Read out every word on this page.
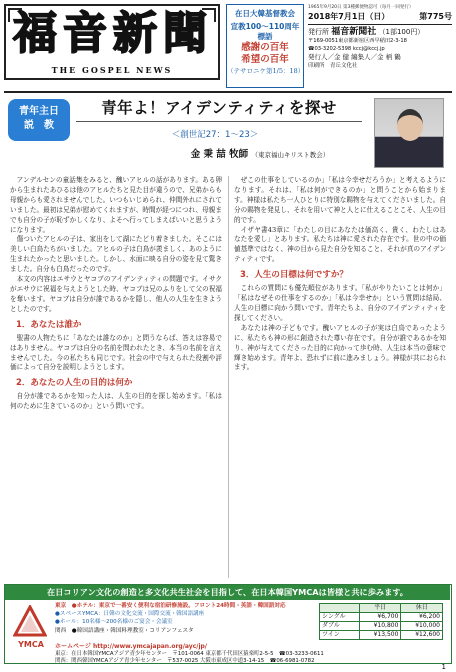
福 音 新 聞
THE GOSPEL NEWS
在日大韓基督教会
宣教100〜110周年
標語
感謝の百年
希望の百年
（テサロニケ第1/5：18）
1965年9月20日 第3種郵便物認可（毎月一回発行）
2018年7月1日（日）	第775号
発行所 福音新聞社 （1部100円）
〒169-0051東京都新宿区西早稲田2-3-18
☎03-3202-5398 kccj@kccj.jp
発行人／金 健 編集人／金 柄 鶴
印刷所　青丘文化社
青年主日
説　教
青年よ！アイデンティティを探せ
＜創世記27：1〜23＞
金 秉 喆 牧師 （東京福山キリスト教会）

アンデルセンの童話集をみると、醜いアヒルの話があります。ある卵から生まれたあひるは他のアヒルたちと見た目が違うので、兄弟からも母親からも愛されませんでした。いつもいじめられ、仲間外れにされていました。最初は兄弟が慰めてくれますが、時間が経つにつれ、母親までも自分の子が恥ずかしくなり、よそへ行ってしまえばいいと思うようになります。

傷ついたアヒルの子は、家出をして湖にたどり着きました。そこには美しい白鳥たちがいました。アヒルの子は白鳥が羨ましく、あのように生まれたかったと思いました。しかし、水面に映る自分の姿を見て驚きました。自分も白鳥だったのです。

本文の内容はエサウとヤコブのアイデンティティの問題です。イサクがエサウに祝福を与えようとした時、ヤコブは兄のふりをして父の祝福を奪います。ヤコブは自分が誰であるかを隠し、他人の人生を生きようとしたのです。

1．あなたは誰か

聖書の人物たちに「あなたは誰なのか」と問うならば、答えは容易ではありません。ヤコブは自分の名前を問われたとき、本当の名前を言えませんでした。今の私たちも同じです。社会の中で与えられた役割や評価によって自分を説明しようとします。

2．あなたの人生の目的は何か

自分が誰であるかを知った人は、人生の目的を探し始めます。「私は何のために生きているのか」という問いです。

ぜこの仕事をしているのか」「私は今幸せだろうか」と考えるようになります。それは、「私は何ができるのか」と問うことから始まります。神様は私たち一人ひとりに特別な賜物を与えてくださいました。自分の賜物を発見し、それを用いて神と人とに仕えることこそ、人生の目的です。

イザヤ書43章に「わたしの目にあなたは価高く、貴く、わたしはあなたを愛し」とあります。私たちは神に愛された存在です。世の中の価値基準ではなく、神の目から見た自分を知ること、それが真のアイデンティティです。

3．人生の目標は何ですか？

これらの質問にも優先順位があります。「私がやりたいことは何か」「私はなぜその仕事をするのか」「私は今幸せか」という質問は結局、人生の目標に向かう問いです。青年たちよ、自分のアイデンティティを探してください。

あなたは神の子どもです。醜いアヒルの子が実は白鳥であったように、私たちも神の形に創造された尊い存在です。自分が誰であるかを知り、神が与えてくださった目的に向かって歩む時、人生は本当の意味で輝き始めます。青年よ、恐れずに前に進みましょう。神様が共におられます。

在日コリアン文化の創造と多文化共生社会を目指して、在日本韓国YMCAは皆様と共に歩みます。
YMCA
東京　●ホテル：東京で一番安く便利な宿泊研修施設。フロント24時間・英語・韓国語対応
●スペースYMCA：日韓の文化交流・国際交流・韓国語講座
●ホール：10名様〜200名様のご宴会・会議室
関西　●韓国語講座・韓国料理教室・コリアンフェスタ
	平日	休日
シングル	¥6,700	¥6,200
ダブル	¥10,800	¥10,000
ツイン	¥13,500	¥12,600
ホームページ http://www.ymcajapan.org/ayc/jp/
東京：在日本韓国YMCAアジア青少年センター　〒101-0064 東京都千代田区猿楽町2-5-5　☎03-3233-0611
関西：関西韓国YMCAアジア青少年センター　〒537-0025 大阪市東成区中道3-14-15　☎06-6981-0782
1
